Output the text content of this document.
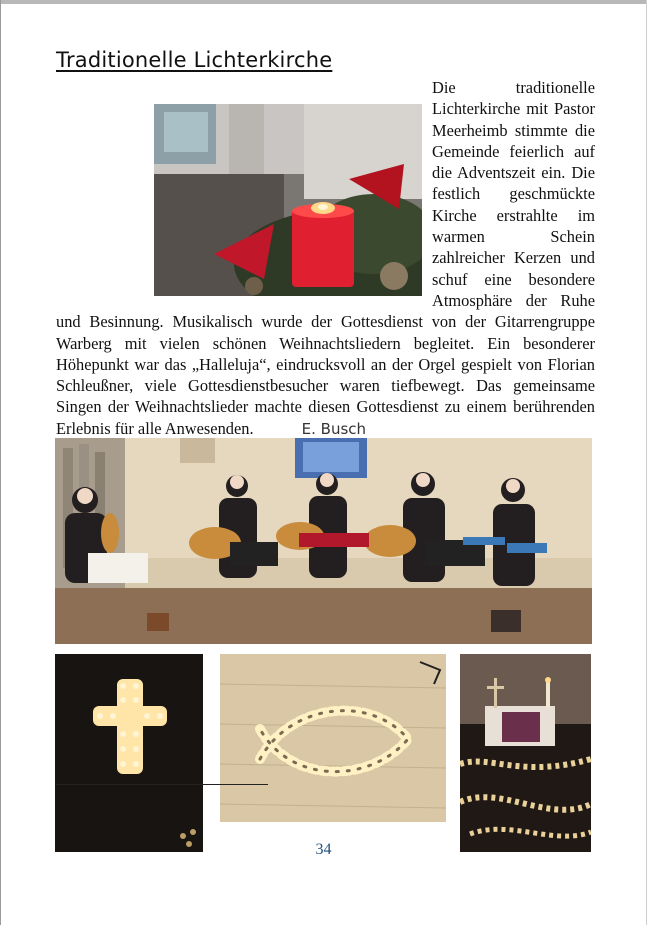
Traditionelle Lichterkirche
Die traditionelle Lichterkirche mit Pastor Meerheimb stimmte die Gemeinde feierlich auf die Adventszeit ein. Die festlich geschmückte Kirche erstrahlte im warmen Schein zahlreicher Kerzen und schuf eine besondere Atmosphäre der Ruhe und Besinnung. Musikalisch wurde der Gottesdienst von der Gitarrengruppe Warberg mit vielen schönen Weihnachtsliedern begleitet. Ein besonderer Höhepunkt war das „Halleluja“, eindrucksvoll an der Orgel gespielt von Florian Schleußner, viele Gottesdienstbesucher waren tiefbewegt. Das gemeinsame Singen der Weihnachtslieder machte diesen Gottesdienst zu einem berührenden Erlebnis für alle Anwesenden.	E. Busch
34
